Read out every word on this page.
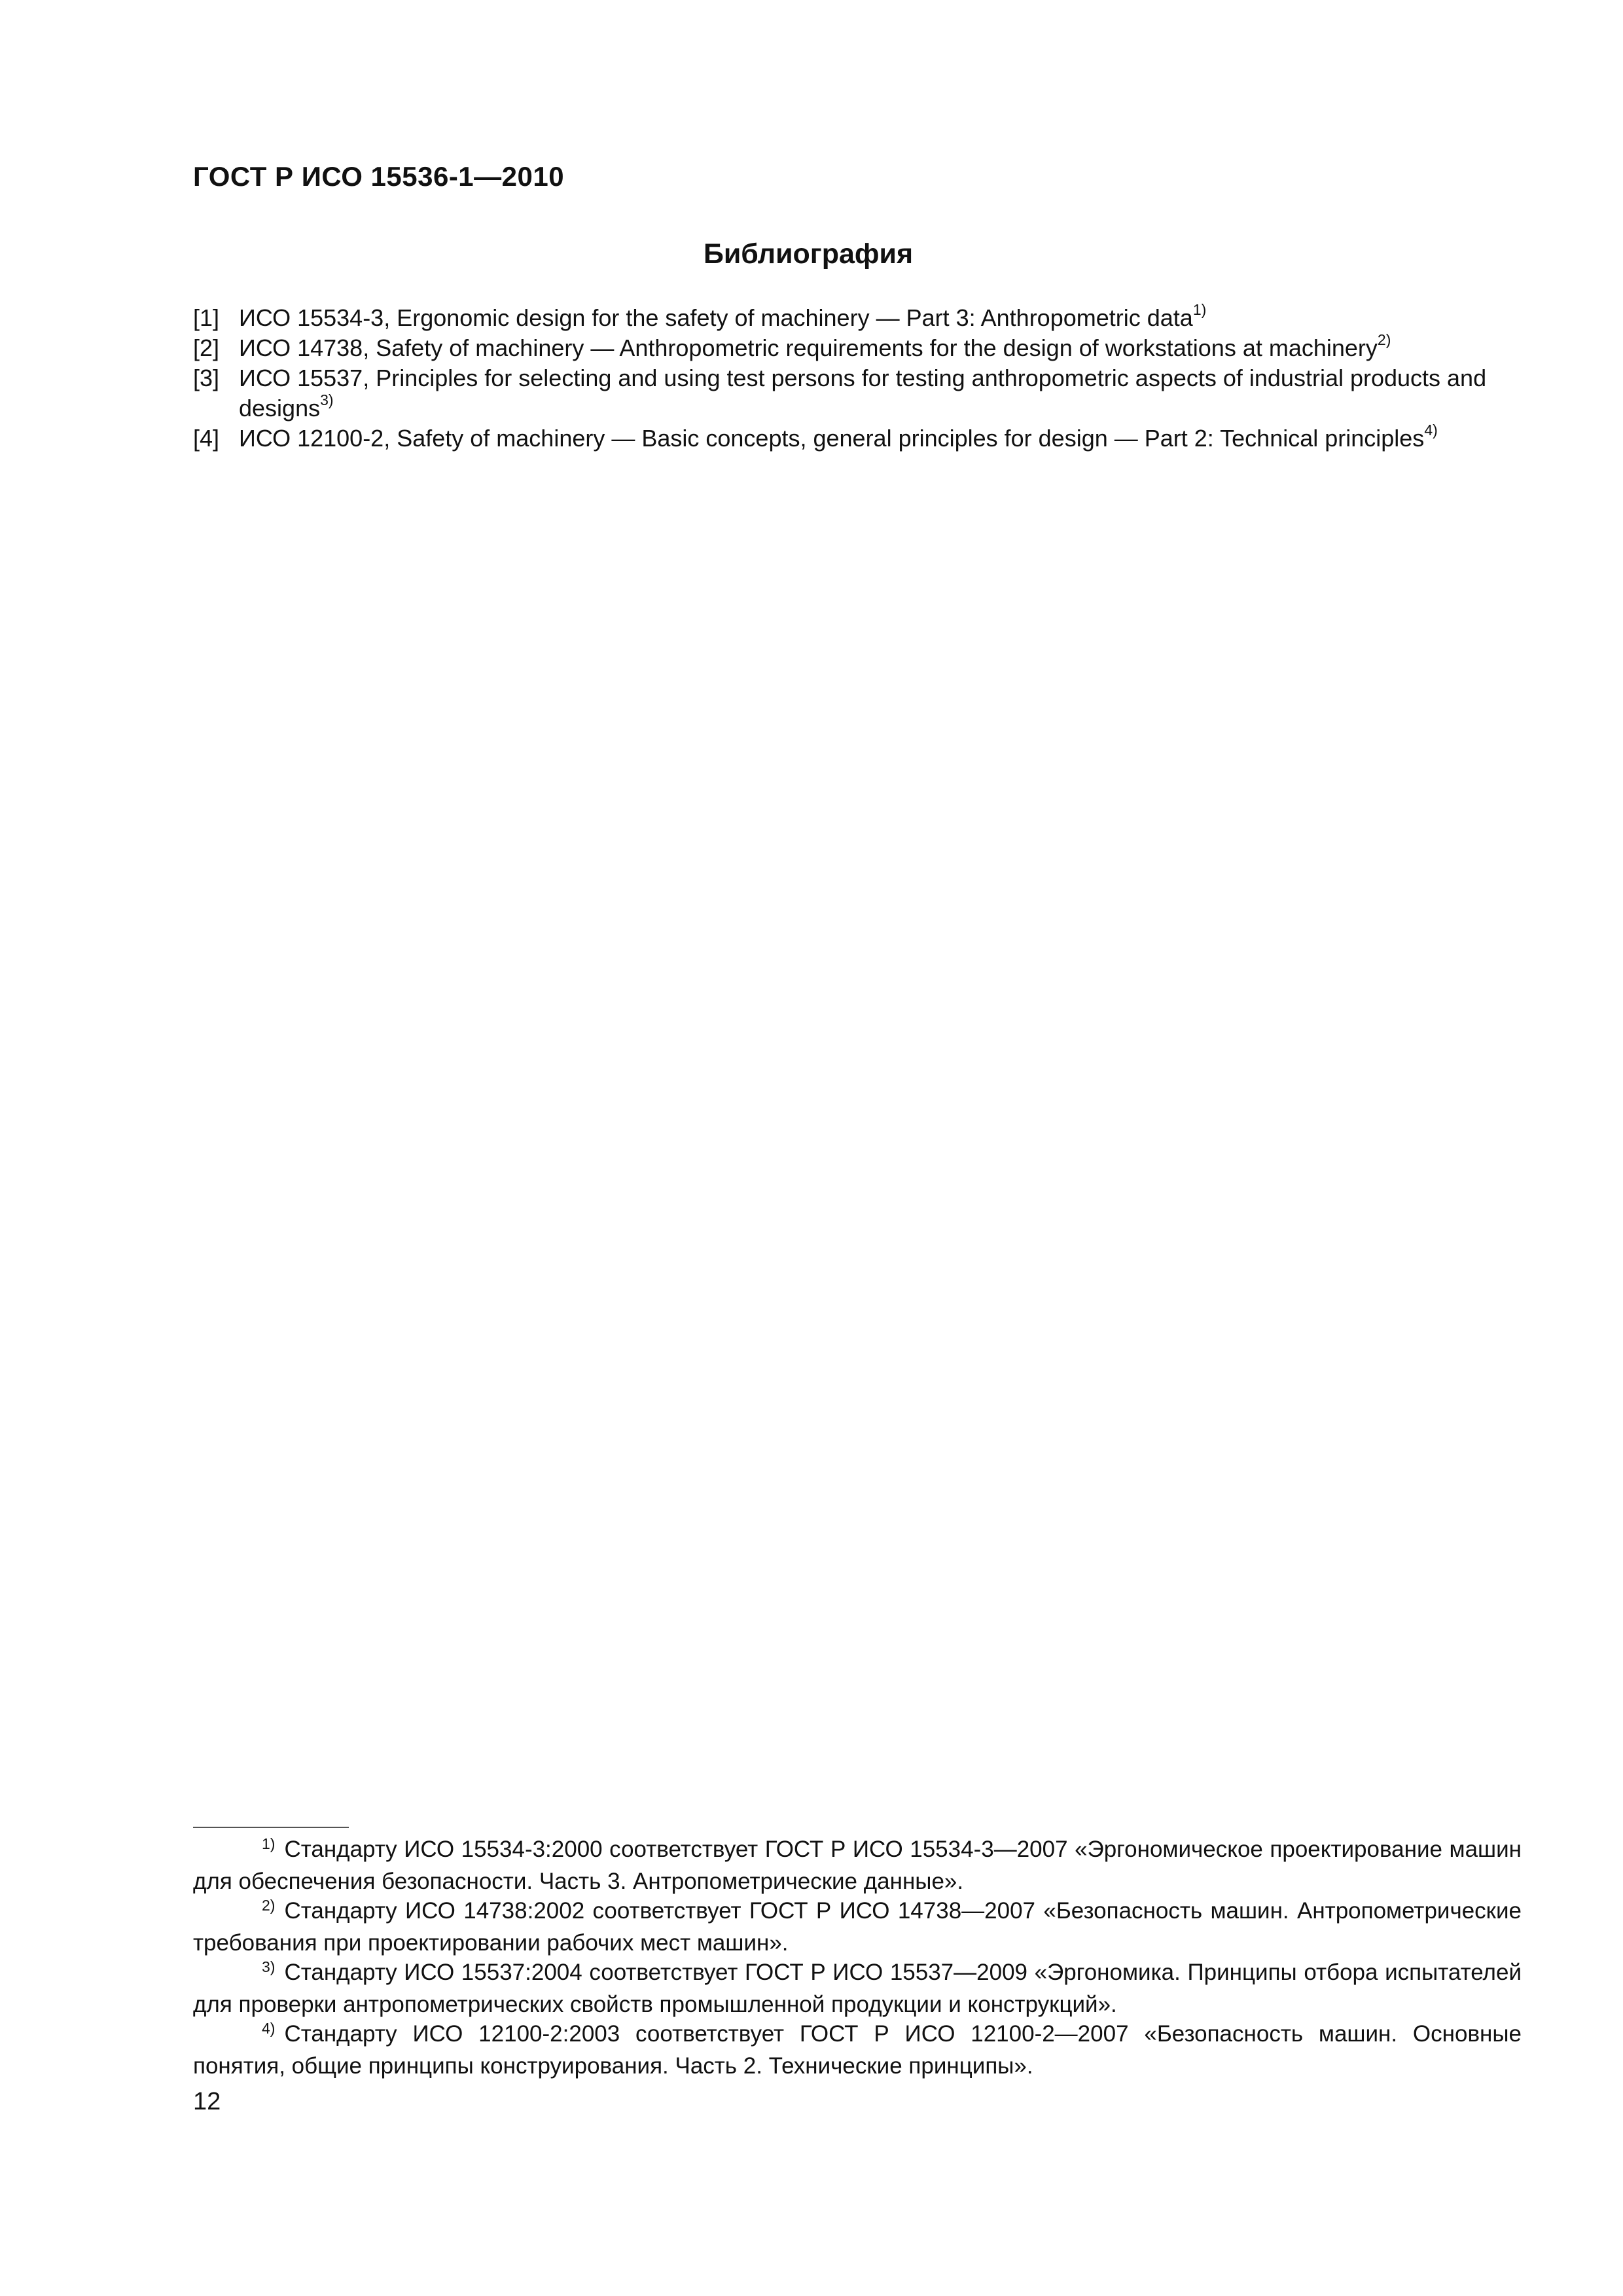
ГОСТ Р ИСО 15536-1—2010
Библиография
[1] ИСО 15534-3, Ergonomic design for the safety of machinery — Part 3: Anthropometric data$^{1)}$
[2] ИСО 14738, Safety of machinery — Anthropometric requirements for the design of workstations at machinery$^{2)}$
[3] ИСО 15537, Principles for selecting and using test persons for testing anthropometric aspects of industrial products and designs$^{3)}$
[4] ИСО 12100-2, Safety of machinery — Basic concepts, general principles for design — Part 2: Technical principles$^{4)}$
1) Стандарту ИСО 15534-3:2000 соответствует ГОСТ Р ИСО 15534-3—2007 «Эргономическое проектирование машин для обеспечения безопасности. Часть 3. Антропометрические данные».
2) Стандарту ИСО 14738:2002 соответствует ГОСТ Р ИСО 14738—2007 «Безопасность машин. Антропометрические требования при проектировании рабочих мест машин».
3) Стандарту ИСО 15537:2004 соответствует ГОСТ Р ИСО 15537—2009 «Эргономика. Принципы отбора испытателей для проверки антропометрических свойств промышленной продукции и конструкций».
4) Стандарту ИСО 12100-2:2003 соответствует ГОСТ Р ИСО 12100-2—2007 «Безопасность машин. Основные понятия, общие принципы конструирования. Часть 2. Технические принципы».
12
